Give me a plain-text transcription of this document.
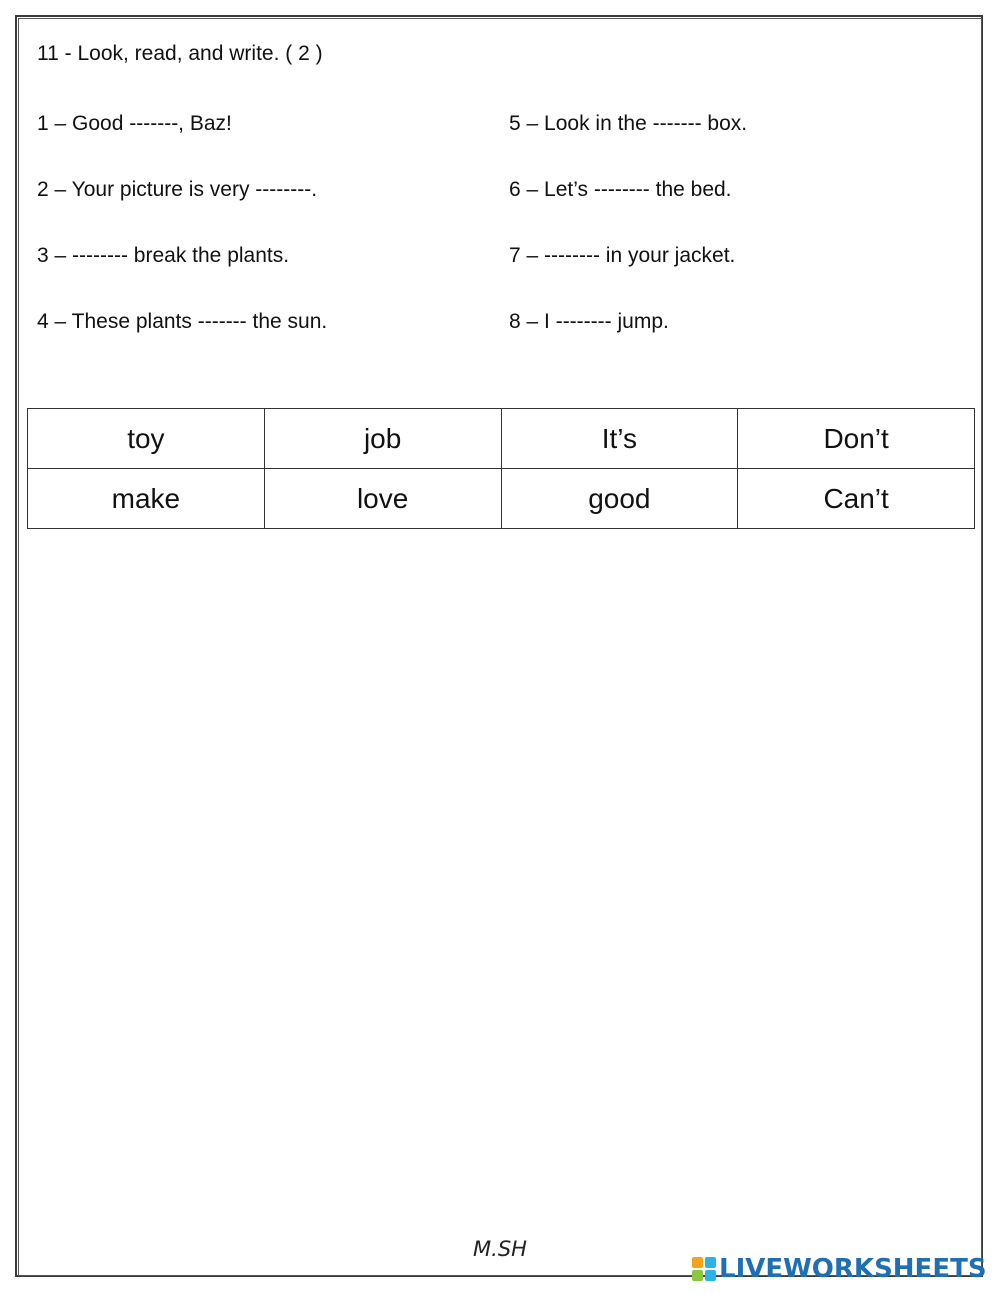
11 - Look, read, and write. ( 2 )
1 – Good -------, Baz!
2 – Your picture is very --------.
3 – -------- break the plants.
4 – These plants ------- the sun.
5 – Look in the ------- box.
6 – Let’s -------- the bed.
7 – -------- in your jacket.
8 – I -------- jump.
toy	job	It’s	Don’t
make	love	good	Can’t
M.SH
LIVEWORKSHEETS
